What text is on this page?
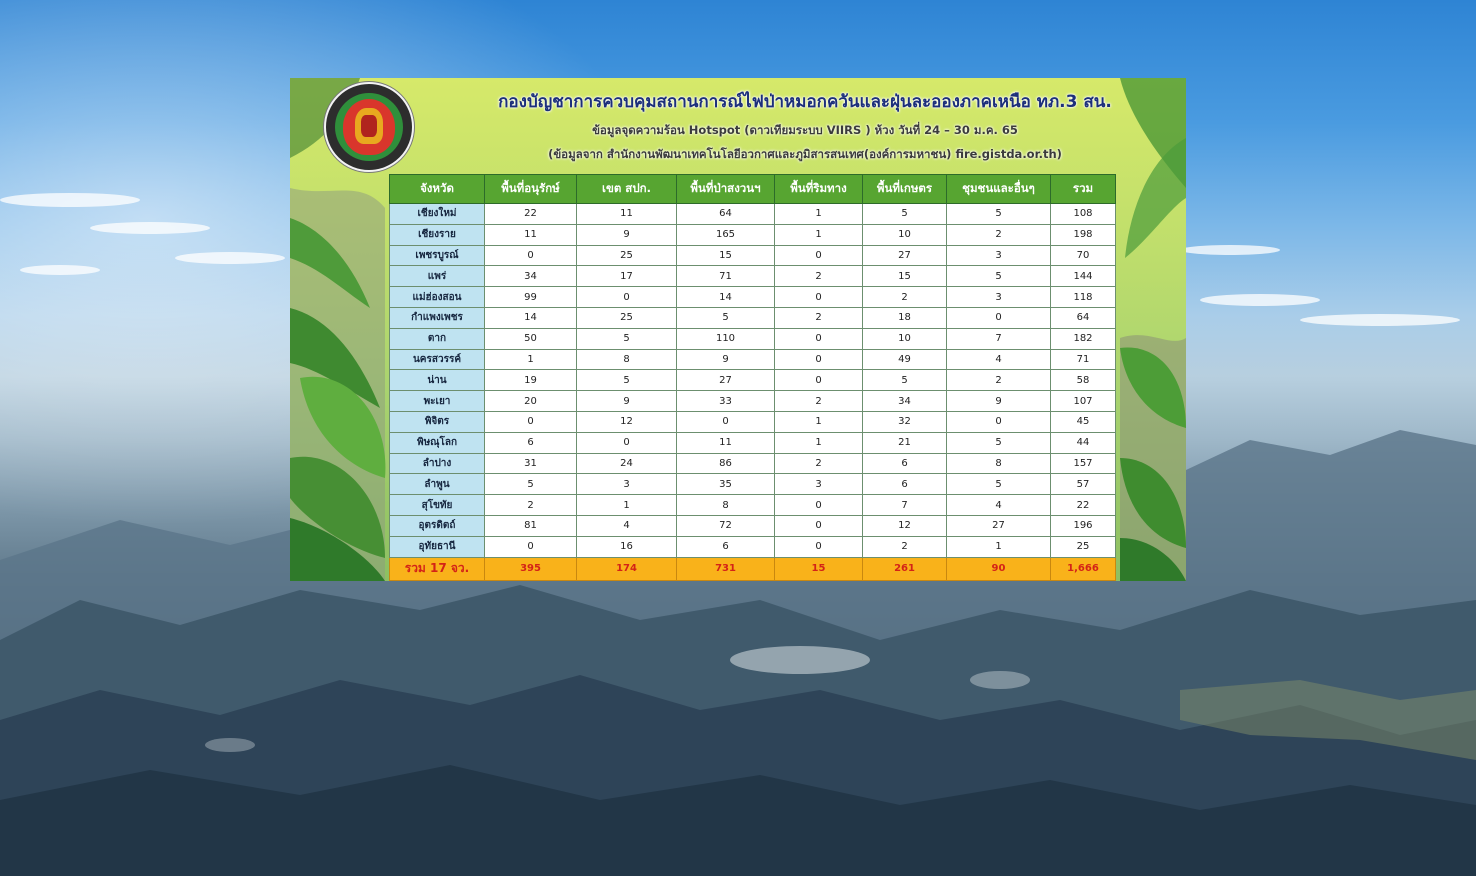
กองบัญชาการควบคุมสถานการณ์ไฟป่าหมอกควันและฝุ่นละอองภาคเหนือ ทภ.3 สน.
ข้อมูลจุดความร้อน Hotspot (ดาวเทียมระบบ VIIRS ) ห้วง วันที่ 24 – 30 ม.ค. 65
(ข้อมูลจาก สำนักงานพัฒนาเทคโนโลยีอวกาศและภูมิสารสนเทศ(องค์การมหาชน) fire.gistda.or.th)
จังหวัด	พื้นที่อนุรักษ์	เขต สปก.	พื้นที่ป่าสงวนฯ	พื้นที่ริมทาง	พื้นที่เกษตร	ชุมชนและอื่นๆ	รวม
เชียงใหม่	22	11	64	1	5	5	108
เชียงราย	11	9	165	1	10	2	198
เพชรบูรณ์	0	25	15	0	27	3	70
แพร่	34	17	71	2	15	5	144
แม่ฮ่องสอน	99	0	14	0	2	3	118
กำแพงเพชร	14	25	5	2	18	0	64
ตาก	50	5	110	0	10	7	182
นครสวรรค์	1	8	9	0	49	4	71
น่าน	19	5	27	0	5	2	58
พะเยา	20	9	33	2	34	9	107
พิจิตร	0	12	0	1	32	0	45
พิษณุโลก	6	0	11	1	21	5	44
ลำปาง	31	24	86	2	6	8	157
ลำพูน	5	3	35	3	6	5	57
สุโขทัย	2	1	8	0	7	4	22
อุตรดิตถ์	81	4	72	0	12	27	196
อุทัยธานี	0	16	6	0	2	1	25
รวม 17 จว.	395	174	731	15	261	90	1,666
